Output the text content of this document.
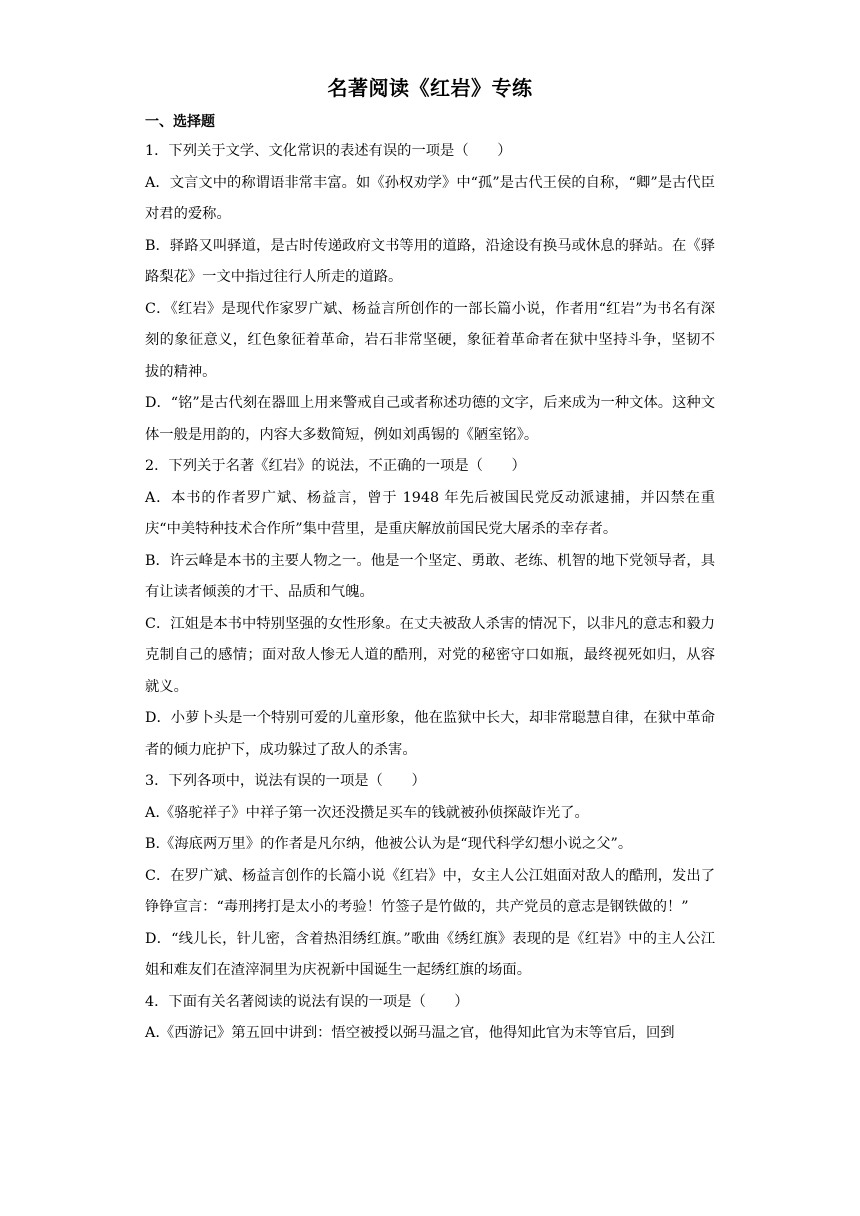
名著阅读《红岩》专练
一、选择题

1．下列关于文学、文化常识的表述有误的一项是（　　）

A．文言文中的称谓语非常丰富。如《孙权劝学》中“孤”是古代王侯的自称，“卿”是古代臣对君的爱称。

B．驿路又叫驿道，是古时传递政府文书等用的道路，沿途设有换马或休息的驿站。在《驿路梨花》一文中指过往行人所走的道路。

C．《红岩》是现代作家罗广斌、杨益言所创作的一部长篇小说，作者用“红岩”为书名有深刻的象征意义，红色象征着革命，岩石非常坚硬，象征着革命者在狱中坚持斗争，坚韧不拔的精神。

D．“铭”是古代刻在器皿上用来警戒自己或者称述功德的文字，后来成为一种文体。这种文体一般是用韵的，内容大多数简短，例如刘禹锡的《陋室铭》。

2．下列关于名著《红岩》的说法，不正确的一项是（　　）

A．本书的作者罗广斌、杨益言，曾于 1948 年先后被国民党反动派逮捕，并囚禁在重庆“中美特种技术合作所”集中营里，是重庆解放前国民党大屠杀的幸存者。

B．许云峰是本书的主要人物之一。他是一个坚定、勇敢、老练、机智的地下党领导者，具有让读者倾羡的才干、品质和气魄。

C．江姐是本书中特别坚强的女性形象。在丈夫被敌人杀害的情况下，以非凡的意志和毅力克制自己的感情；面对敌人惨无人道的酷刑，对党的秘密守口如瓶，最终视死如归，从容就义。

D．小萝卜头是一个特别可爱的儿童形象，他在监狱中长大，却非常聪慧自律，在狱中革命者的倾力庇护下，成功躲过了敌人的杀害。

3．下列各项中，说法有误的一项是（　　）

A.《骆驼祥子》中祥子第一次还没攒足买车的钱就被孙侦探敲诈光了。

B.《海底两万里》的作者是凡尔纳，他被公认为是“现代科学幻想小说之父”。

C．在罗广斌、杨益言创作的长篇小说《红岩》中，女主人公江姐面对敌人的酷刑，发出了铮铮宣言：“毒刑拷打是太小的考验！竹签子是竹做的，共产党员的意志是钢铁做的！”

D．“线儿长，针儿密，含着热泪绣红旗。”歌曲《绣红旗》表现的是《红岩》中的主人公江姐和难友们在渣滓洞里为庆祝新中国诞生一起绣红旗的场面。

4．下面有关名著阅读的说法有误的一项是（　　）

A.《西游记》第五回中讲到：悟空被授以弼马温之官，他得知此官为末等官后，回到
